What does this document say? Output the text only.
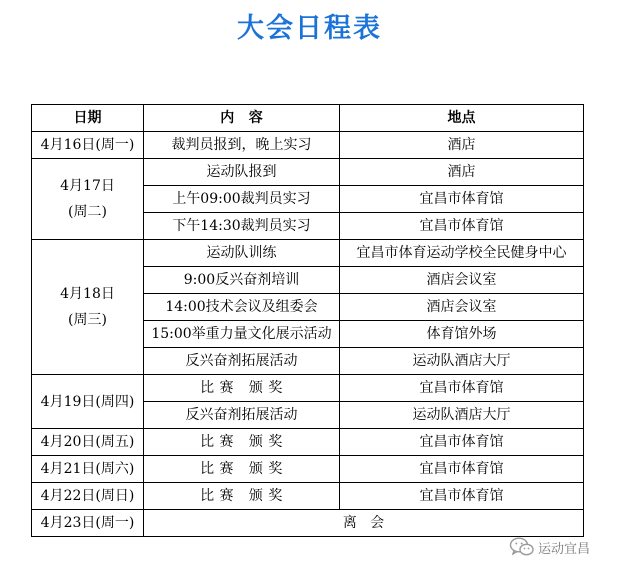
大会日程表
日期	内   容	地点
4月16日(周一)	裁判员报到，晚上实习	酒店

4月17日
(周二)	运动队报到	酒店
	上午09:00裁判员实习	宜昌市体育馆
	下午14:30裁判员实习	宜昌市体育馆

4月18日
(周三)	运动队训练	宜昌市体育运动学校全民健身中心
	9:00反兴奋剂培训	酒店会议室
	14:00技术会议及组委会	酒店会议室
	15:00举重力量文化展示活动	体育馆外场
	反兴奋剂拓展活动	运动队酒店大厅
4月19日(周四)	比 赛   颁 奖	宜昌市体育馆
	反兴奋剂拓展活动	运动队酒店大厅
4月20日(周五)	比 赛   颁 奖	宜昌市体育馆
4月21日(周六)	比 赛   颁 奖	宜昌市体育馆
4月22日(周日)	比 赛   颁 奖	宜昌市体育馆
4月23日(周一)	离   会	
运动宜昌
